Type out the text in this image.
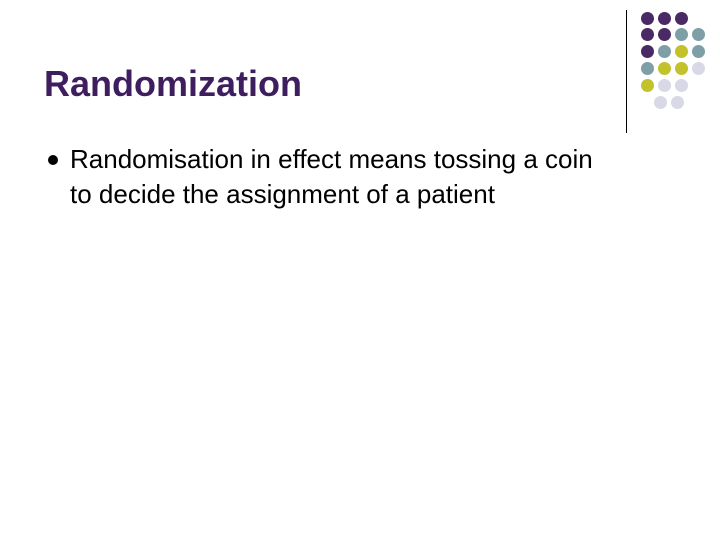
Randomization
Randomisation in effect means tossing a coin
to decide the assignment of a patient
